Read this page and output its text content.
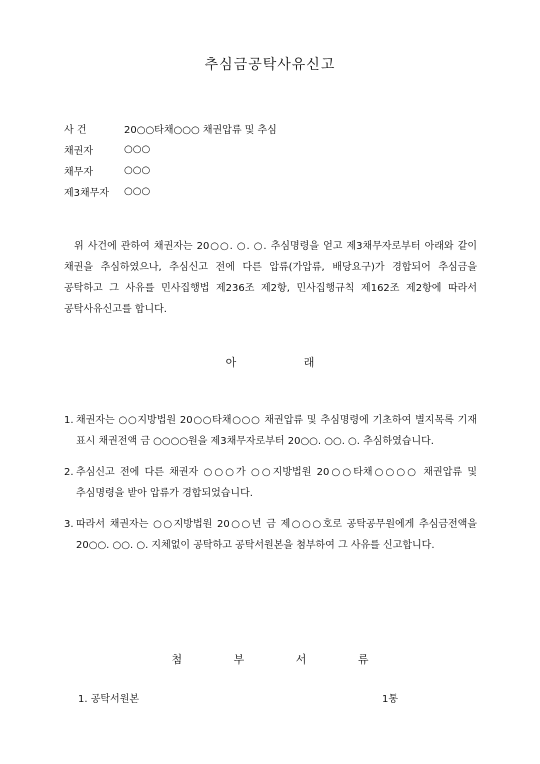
추심금공탁사유신고
사 건	20○○타채○○○ 채권압류 및 추심
채권자	○○○
채무자	○○○
제3채무자	○○○
위 사건에 관하여 채권자는 20○○. ○. ○. 추심명령을 얻고 제3채무자로부터 아래와 같이 채권을 추심하였으나, 추심신고 전에 다른 압류(가압류, 배당요구)가 경합되어 추심금을 공탁하고 그 사유를 민사집행법 제236조 제2항, 민사집행규칙 제162조 제2항에 따라서 공탁사유신고를 합니다.
아 래
1. 채권자는 ○○지방법원 20○○타채○○○ 채권압류 및 추심명령에 기초하여 별지목록 기재 표시 채권전액 금 ○○○○원을 제3채무자로부터 20○○. ○○. ○. 추심하였습니다.
2. 추심신고 전에 다른 채권자 ○○○가 ○○지방법원 20○○타채○○○○ 채권압류 및 추심명령을 받아 압류가 경합되었습니다.
3. 따라서 채권자는 ○○지방법원 20○○년 금 제○○○호로 공탁공무원에게 추심금전액을 20○○. ○○. ○. 지체없이 공탁하고 공탁서원본을 첨부하여 그 사유를 신고합니다.
첨 부 서 류
1. 공탁서원본	1통
